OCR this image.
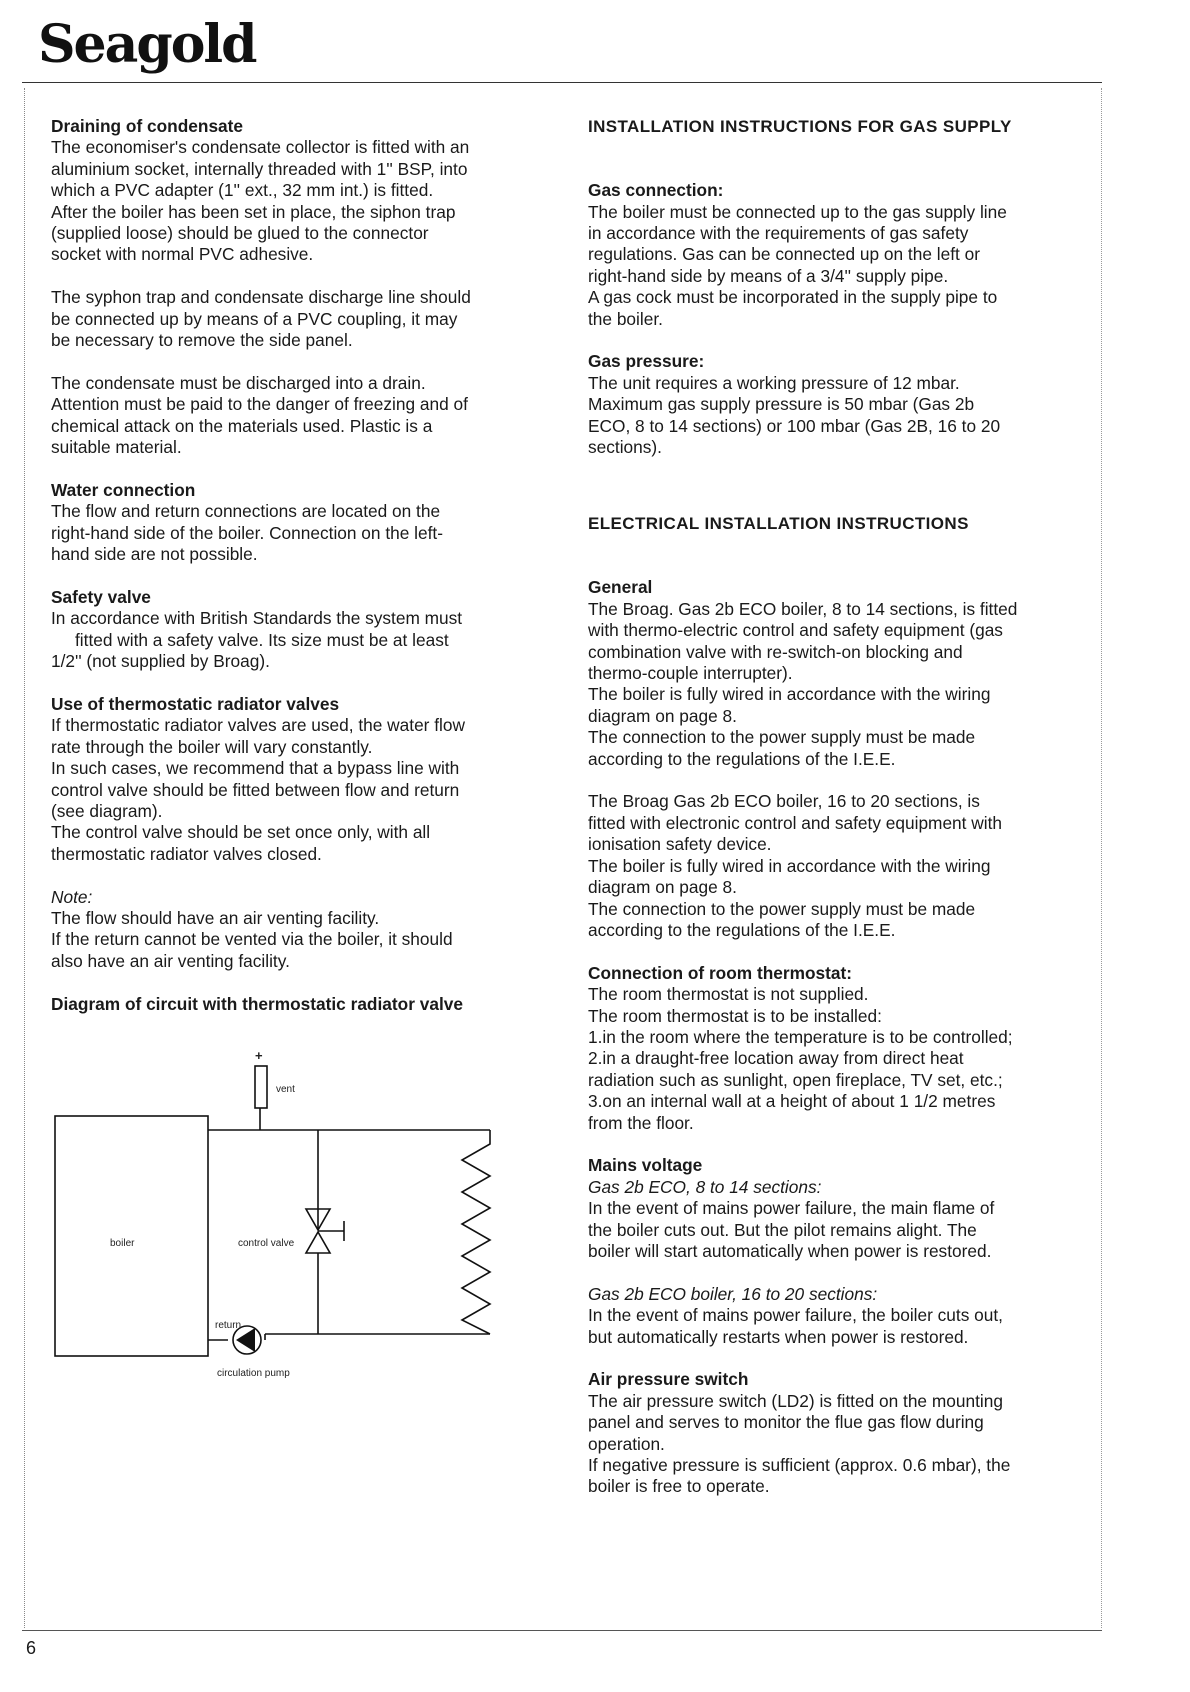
Seagold
6
Draining of condensate

The economiser's condensate collector is fitted with an

aluminium socket, internally threaded with 1'' BSP, into

which a PVC adapter (1'' ext., 32 mm int.) is fitted.

After the boiler has been set in place, the siphon trap

(supplied loose) should be glued to the connector

socket with normal PVC adhesive.

The syphon trap and condensate discharge line should

be connected up by means of a PVC coupling, it may

be necessary to remove the side panel.

The condensate must be discharged into a drain.

Attention must be paid to the danger of freezing and of

chemical attack on the materials used. Plastic is a

suitable material.

Water connection

The flow and return connections are located on the

right-hand side of the boiler. Connection on the left-

hand side are not possible.

Safety valve

In accordance with British Standards the system must

fitted with a safety valve. Its size must be at least

1/2'' (not supplied by Broag).

Use of thermostatic radiator valves

If thermostatic radiator valves are used, the water flow

rate through the boiler will vary constantly.

In such cases, we recommend that a bypass line with

control valve should be fitted between flow and return

(see diagram).

The control valve should be set once only, with all

thermostatic radiator valves closed.

Note:

The flow should have an air venting facility.

If the return cannot be vented via the boiler, it should

also have an air venting facility.

Diagram of circuit with thermostatic radiator valve
+
vent
boiler	control valve
return
circulation pump
INSTALLATION INSTRUCTIONS FOR GAS SUPPLY
Gas connection:

The boiler must be connected up to the gas supply line

in accordance with the requirements of gas safety

regulations. Gas can be connected up on the left or

right-hand side by means of a 3/4'' supply pipe.

A gas cock must be incorporated in the supply pipe to

the boiler.

Gas pressure:

The unit requires a working pressure of 12 mbar.

Maximum gas supply pressure is 50 mbar (Gas 2b

ECO, 8 to 14 sections) or 100 mbar (Gas 2B, 16 to 20

sections).

ELECTRICAL INSTALLATION INSTRUCTIONS
General

The Broag. Gas 2b ECO boiler, 8 to 14 sections, is fitted

with thermo-electric control and safety equipment (gas

combination valve with re-switch-on blocking and

thermo-couple interrupter).

The boiler is fully wired in accordance with the wiring

diagram on page 8.

The connection to the power supply must be made

according to the regulations of the I.E.E.

The Broag Gas 2b ECO boiler, 16 to 20 sections, is

fitted with electronic control and safety equipment with

ionisation safety device.

The boiler is fully wired in accordance with the wiring

diagram on page 8.

The connection to the power supply must be made

according to the regulations of the I.E.E.

Connection of room thermostat:

The room thermostat is not supplied.

The room thermostat is to be installed:

1.in the room where the temperature is to be controlled;

2.in a draught-free location away from direct heat

radiation such as sunlight, open fireplace, TV set, etc.;

3.on an internal wall at a height of about 1 1/2 metres

from the floor.

Mains voltage

Gas 2b ECO, 8 to 14 sections:

In the event of mains power failure, the main flame of

the boiler cuts out. But the pilot remains alight. The

boiler will start automatically when power is restored.

Gas 2b ECO boiler, 16 to 20 sections:

In the event of mains power failure, the boiler cuts out,

but automatically restarts when power is restored.

Air pressure switch

The air pressure switch (LD2) is fitted on the mounting

panel and serves to monitor the flue gas flow during

operation.

If negative pressure is sufficient (approx. 0.6 mbar), the

boiler is free to operate.
